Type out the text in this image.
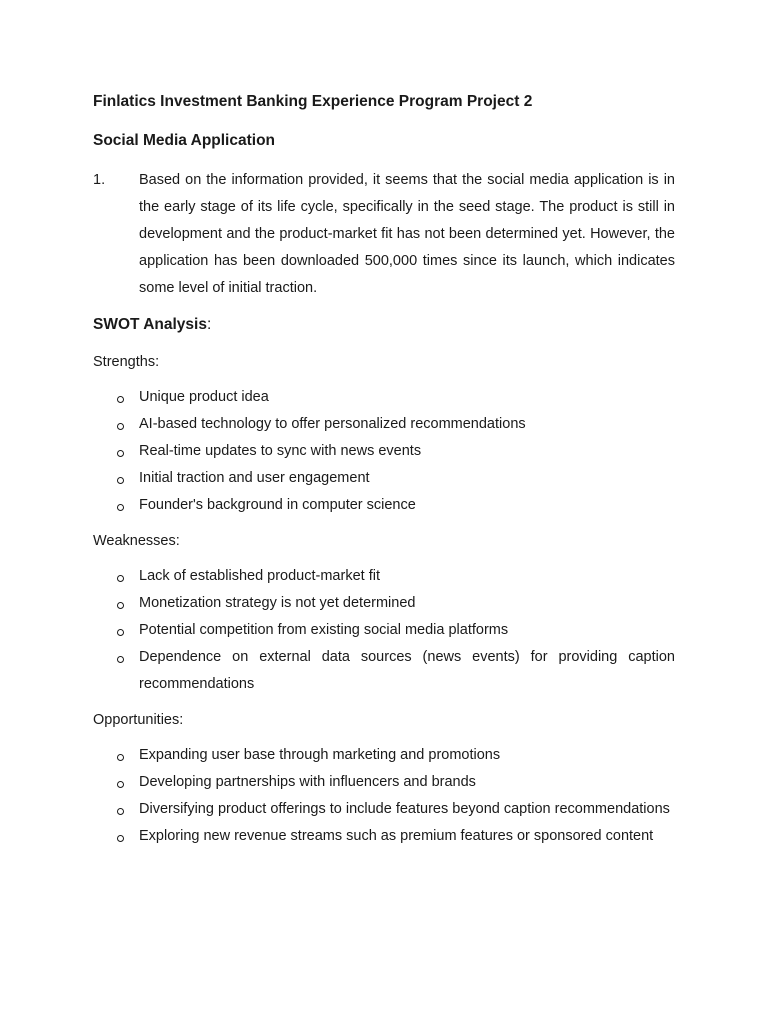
Finlatics Investment Banking Experience Program Project 2
Social Media Application
1.	Based on the information provided, it seems that the social media application is in the early stage of its life cycle, specifically in the seed stage. The product is still in development and the product-market fit has not been determined yet. However, the application has been downloaded 500,000 times since its launch, which indicates some level of initial traction.
SWOT Analysis:
Strengths:
Unique product idea
AI-based technology to offer personalized recommendations
Real-time updates to sync with news events
Initial traction and user engagement
Founder's background in computer science
Weaknesses:
Lack of established product-market fit
Monetization strategy is not yet determined
Potential competition from existing social media platforms
Dependence on external data sources (news events) for providing caption recommendations
Opportunities:
Expanding user base through marketing and promotions
Developing partnerships with influencers and brands
Diversifying product offerings to include features beyond caption recommendations
Exploring new revenue streams such as premium features or sponsored content
